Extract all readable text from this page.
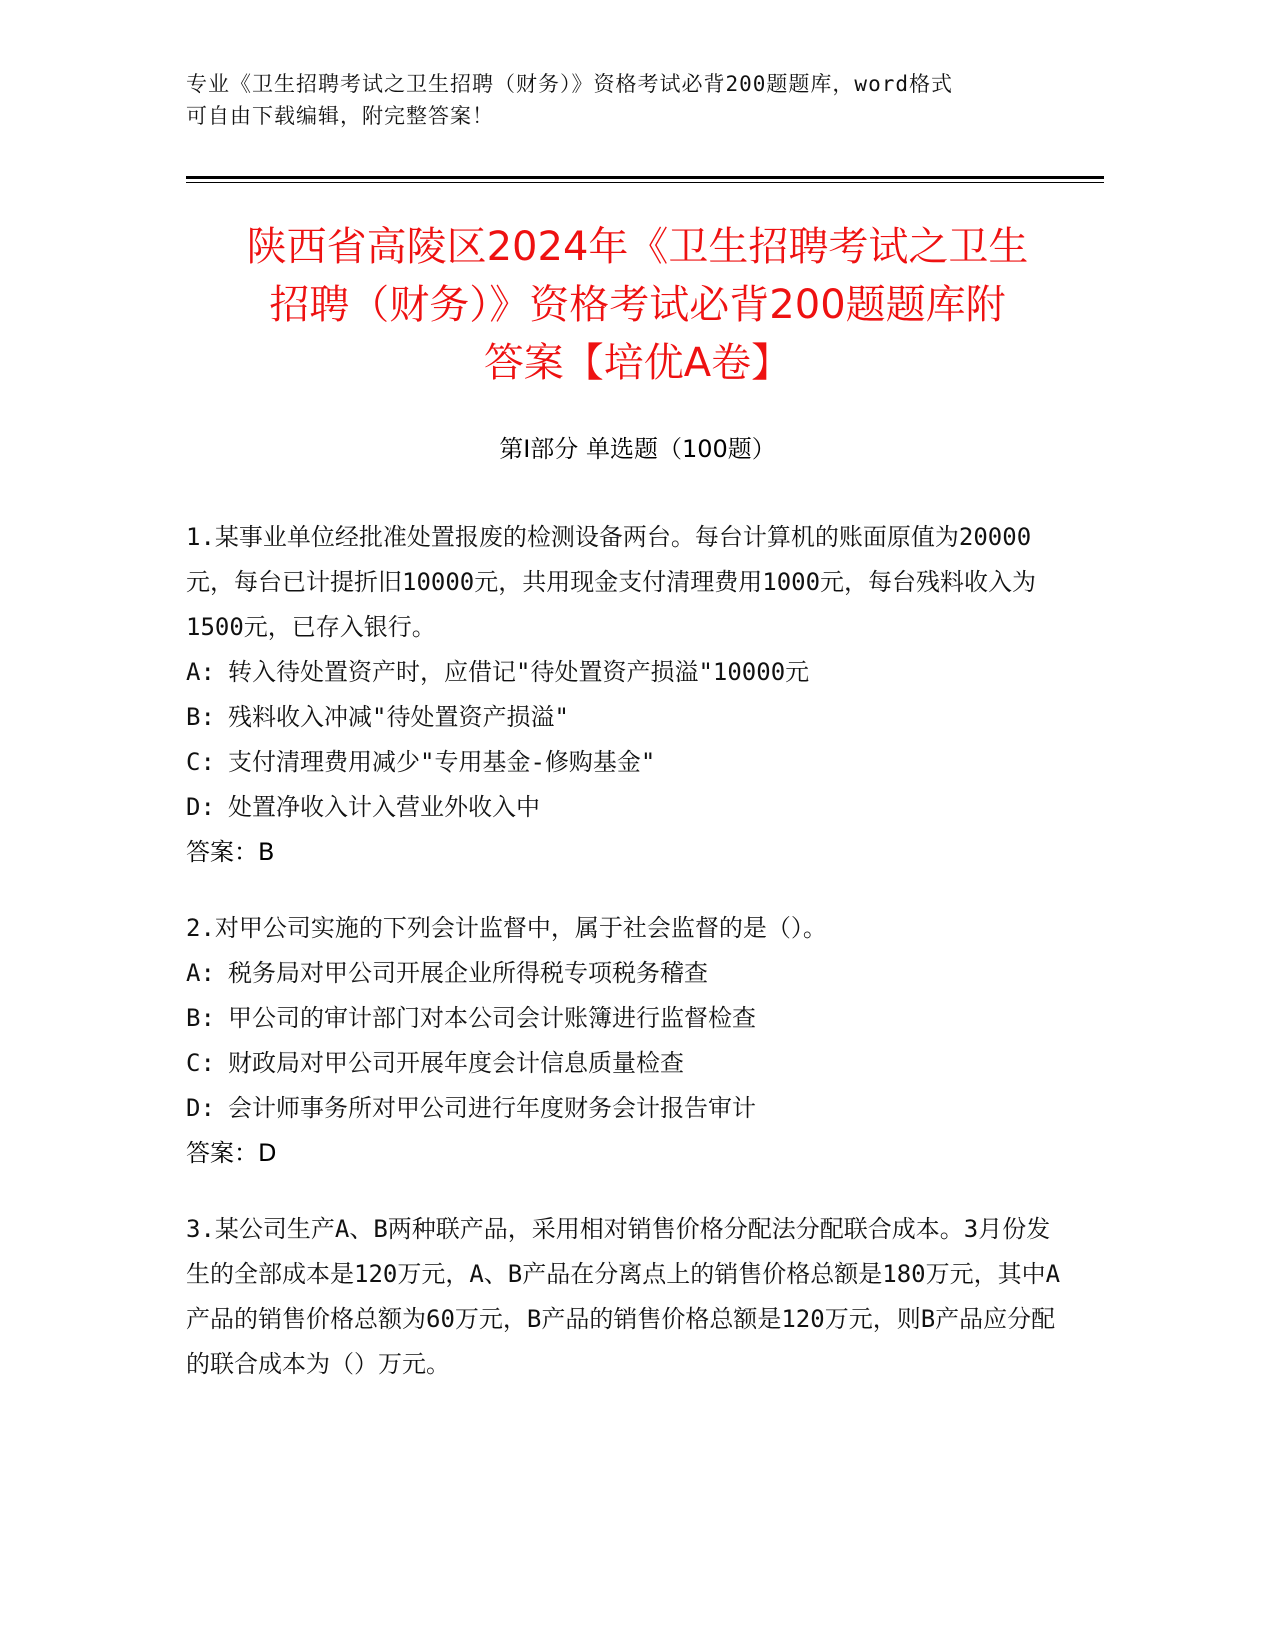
专业《卫生招聘考试之卫生招聘（财务）》资格考试必背200题题库，word格式
可自由下载编辑，附完整答案！
陕西省高陵区2024年《卫生招聘考试之卫生
招聘（财务）》资格考试必背200题题库附
答案【培优A卷】
第Ⅰ部分 单选题（100题）
1.某事业单位经批准处置报废的检测设备两台。每台计算机的账面原值为20000元，每台已计提折旧10000元，共用现金支付清理费用1000元，每台残料收入为1500元，已存入银行。
A: 转入待处置资产时，应借记"待处置资产损溢"10000元
B: 残料收入冲减"待处置资产损溢"
C: 支付清理费用减少"专用基金-修购基金"
D: 处置净收入计入营业外收入中
答案：B
2.对甲公司实施的下列会计监督中，属于社会监督的是（）。
A: 税务局对甲公司开展企业所得税专项税务稽查
B: 甲公司的审计部门对本公司会计账簿进行监督检查
C: 财政局对甲公司开展年度会计信息质量检查
D: 会计师事务所对甲公司进行年度财务会计报告审计
答案：D
3.某公司生产A、B两种联产品，采用相对销售价格分配法分配联合成本。3月份发生的全部成本是120万元，A、B产品在分离点上的销售价格总额是180万元，其中A产品的销售价格总额为60万元，B产品的销售价格总额是120万元，则B产品应分配的联合成本为（）万元。
